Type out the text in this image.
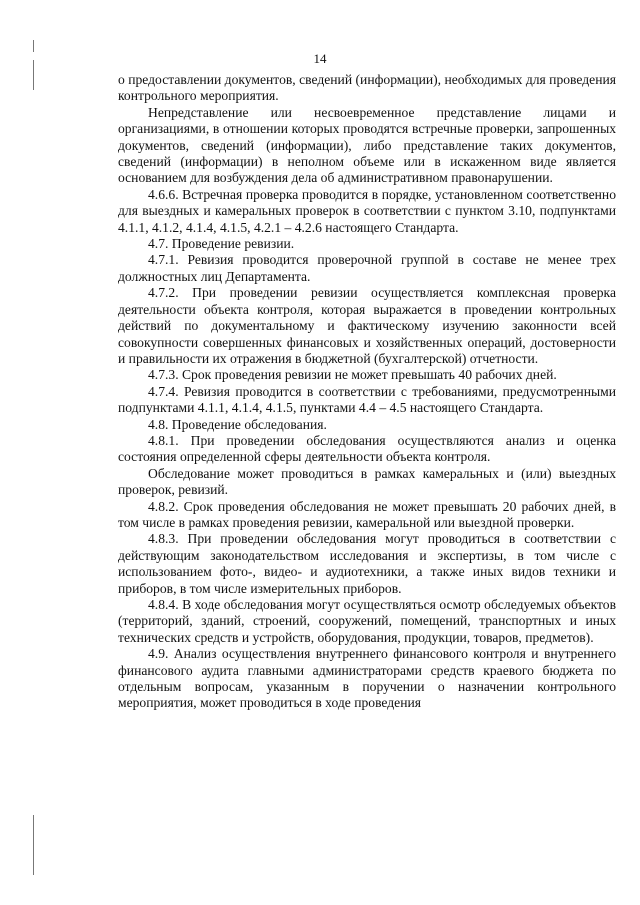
14

о предоставлении документов, сведений (информации), необходимых для проведения контрольного мероприятия.

Непредставление или несвоевременное представление лицами и организациями, в отношении которых проводятся встречные проверки, запрошенных документов, сведений (информации), либо представление таких документов, сведений (информации) в неполном объеме или в искаженном виде является основанием для возбуждения дела об административном правонарушении.

4.6.6. Встречная проверка проводится в порядке, установленном соответственно для выездных и камеральных проверок в соответствии с пунктом 3.10, подпунктами 4.1.1, 4.1.2, 4.1.4, 4.1.5, 4.2.1 – 4.2.6 настоящего Стандарта.

4.7. Проведение ревизии.

4.7.1. Ревизия проводится проверочной группой в составе не менее трех должностных лиц Департамента.

4.7.2. При проведении ревизии осуществляется комплексная проверка деятельности объекта контроля, которая выражается в проведении контрольных действий по документальному и фактическому изучению законности всей совокупности совершенных финансовых и хозяйственных операций, достоверности и правильности их отражения в бюджетной (бухгалтерской) отчетности.

4.7.3. Срок проведения ревизии не может превышать 40 рабочих дней.

4.7.4. Ревизия проводится в соответствии с требованиями, предусмотренными подпунктами 4.1.1, 4.1.4, 4.1.5, пунктами 4.4 – 4.5 настоящего Стандарта.

4.8. Проведение обследования.

4.8.1. При проведении обследования осуществляются анализ и оценка состояния определенной сферы деятельности объекта контроля.

Обследование может проводиться в рамках камеральных и (или) выездных проверок, ревизий.

4.8.2. Срок проведения обследования не может превышать 20 рабочих дней, в том числе в рамках проведения ревизии, камеральной или выездной проверки.

4.8.3. При проведении обследования могут проводиться в соответствии с действующим законодательством исследования и экспертизы, в том числе с использованием фото-, видео- и аудиотехники, а также иных видов техники и приборов, в том числе измерительных приборов.

4.8.4. В ходе обследования могут осуществляться осмотр обследуемых объектов (территорий, зданий, строений, сооружений, помещений, транспортных и иных технических средств и устройств, оборудования, продукции, товаров, предметов).

4.9. Анализ осуществления внутреннего финансового контроля и внутреннего финансового аудита главными администраторами средств краевого бюджета по отдельным вопросам, указанным в поручении о назначении контрольного мероприятия, может проводиться в ходе проведения
